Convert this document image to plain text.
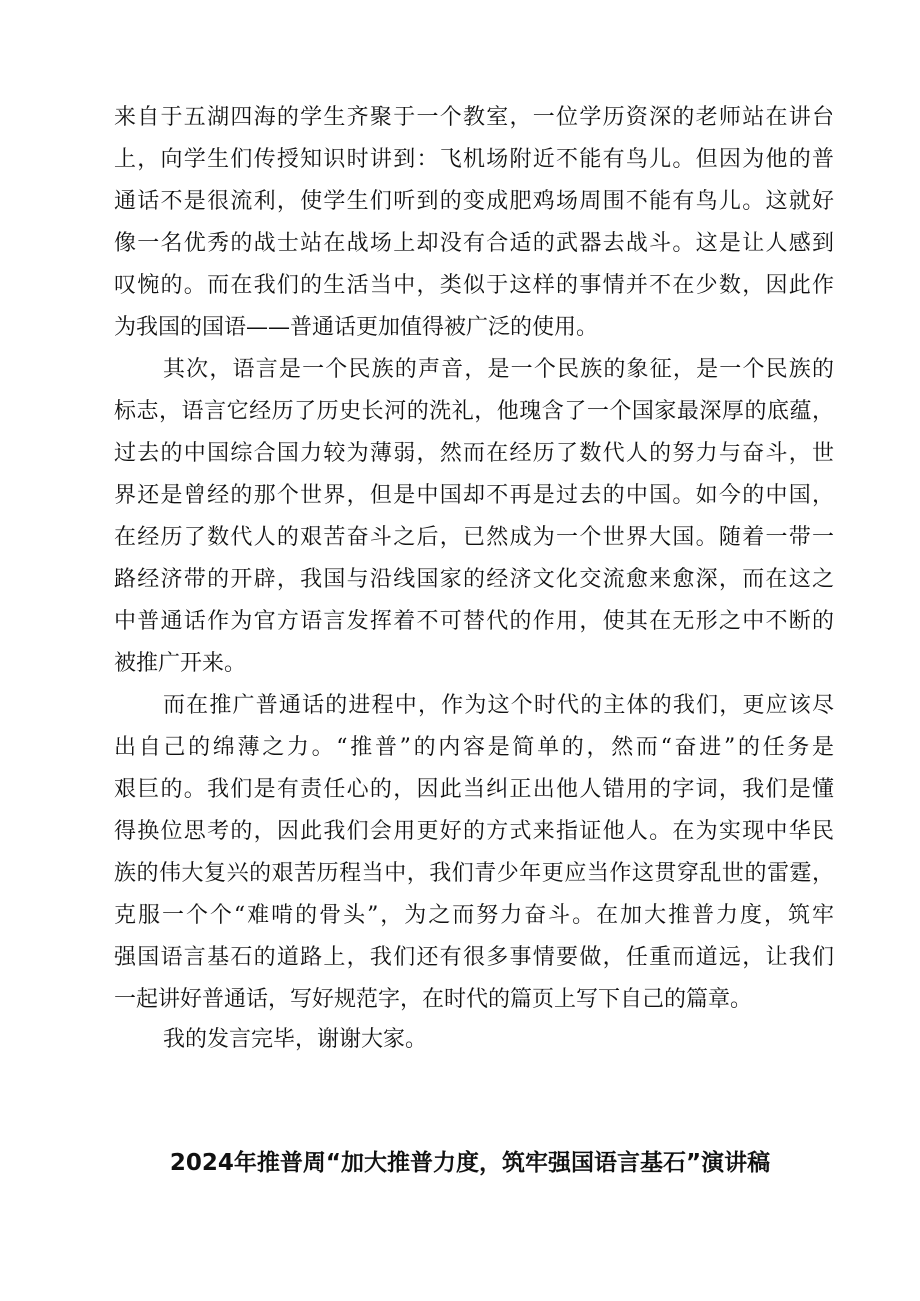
来自于五湖四海的学生齐聚于一个教室，一位学历资深的老师站在讲台
上，向学生们传授知识时讲到：飞机场附近不能有鸟儿。但因为他的普
通话不是很流利，使学生们听到的变成肥鸡场周围不能有鸟儿。这就好
像一名优秀的战士站在战场上却没有合适的武器去战斗。这是让人感到
叹惋的。而在我们的生活当中，类似于这样的事情并不在少数，因此作
为我国的国语——普通话更加值得被广泛的使用。
其次，语言是一个民族的声音，是一个民族的象征，是一个民族的
标志，语言它经历了历史长河的洗礼，他瑰含了一个国家最深厚的底蕴，
过去的中国综合国力较为薄弱，然而在经历了数代人的努力与奋斗，世
界还是曾经的那个世界，但是中国却不再是过去的中国。如今的中国，
在经历了数代人的艰苦奋斗之后，已然成为一个世界大国。随着一带一
路经济带的开辟，我国与沿线国家的经济文化交流愈来愈深，而在这之
中普通话作为官方语言发挥着不可替代的作用，使其在无形之中不断的
被推广开来。
而在推广普通话的进程中，作为这个时代的主体的我们，更应该尽
出自己的绵薄之力。“推普”的内容是简单的，然而“奋进”的任务是
艰巨的。我们是有责任心的，因此当纠正出他人错用的字词，我们是懂
得换位思考的，因此我们会用更好的方式来指证他人。在为实现中华民
族的伟大复兴的艰苦历程当中，我们青少年更应当作这贯穿乱世的雷霆，
克服一个个“难啃的骨头”，为之而努力奋斗。在加大推普力度，筑牢
强国语言基石的道路上，我们还有很多事情要做，任重而道远，让我们
一起讲好普通话，写好规范字，在时代的篇页上写下自己的篇章。
我的发言完毕，谢谢大家。
2024年推普周“加大推普力度，筑牢强国语言基石”演讲稿
